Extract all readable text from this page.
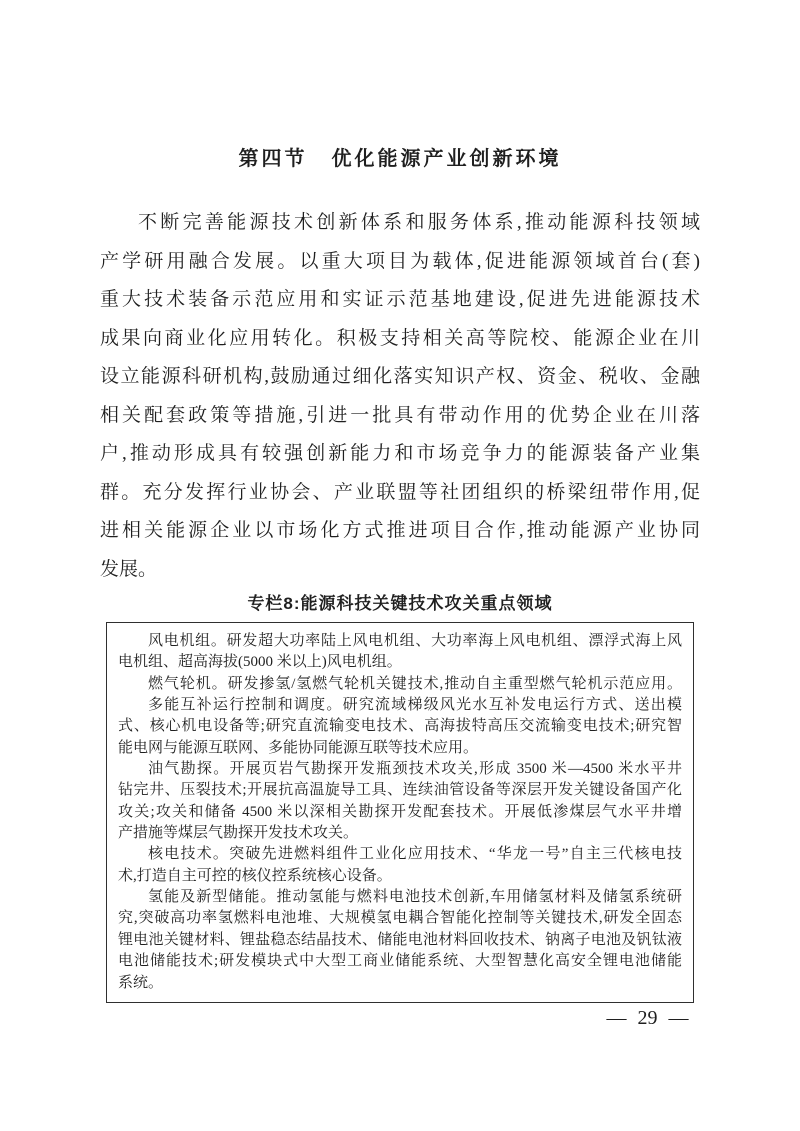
第四节 优化能源产业创新环境
不断完善能源技术创新体系和服务体系,推动能源科技领域
产学研用融合发展。以重大项目为载体,促进能源领域首台(套)
重大技术装备示范应用和实证示范基地建设,促进先进能源技术
成果向商业化应用转化。积极支持相关高等院校、能源企业在川
设立能源科研机构,鼓励通过细化落实知识产权、资金、税收、金融
相关配套政策等措施,引进一批具有带动作用的优势企业在川落
户,推动形成具有较强创新能力和市场竞争力的能源装备产业集
群。充分发挥行业协会、产业联盟等社团组织的桥梁纽带作用,促
进相关能源企业以市场化方式推进项目合作,推动能源产业协同
发展。
专栏8:能源科技关键技术攻关重点领域
风电机组。研发超大功率陆上风电机组、大功率海上风电机组、漂浮式海上风
电机组、超高海拔(5000 米以上)风电机组。
燃气轮机。研发掺氢/氢燃气轮机关键技术,推动自主重型燃气轮机示范应用。
多能互补运行控制和调度。研究流域梯级风光水互补发电运行方式、送出模
式、核心机电设备等;研究直流输变电技术、高海拔特高压交流输变电技术;研究智
能电网与能源互联网、多能协同能源互联等技术应用。
油气勘探。开展页岩气勘探开发瓶颈技术攻关,形成 3500 米—4500 米水平井
钻完井、压裂技术;开展抗高温旋导工具、连续油管设备等深层开发关键设备国产化
攻关;攻关和储备 4500 米以深相关勘探开发配套技术。开展低渗煤层气水平井增
产措施等煤层气勘探开发技术攻关。
核电技术。突破先进燃料组件工业化应用技术、“华龙一号”自主三代核电技
术,打造自主可控的核仪控系统核心设备。
氢能及新型储能。推动氢能与燃料电池技术创新,车用储氢材料及储氢系统研
究,突破高功率氢燃料电池堆、大规模氢电耦合智能化控制等关键技术,研发全固态
锂电池关键材料、锂盐稳态结晶技术、储能电池材料回收技术、钠离子电池及钒钛液
电池储能技术;研发模块式中大型工商业储能系统、大型智慧化高安全锂电池储能
系统。
— 29 —
